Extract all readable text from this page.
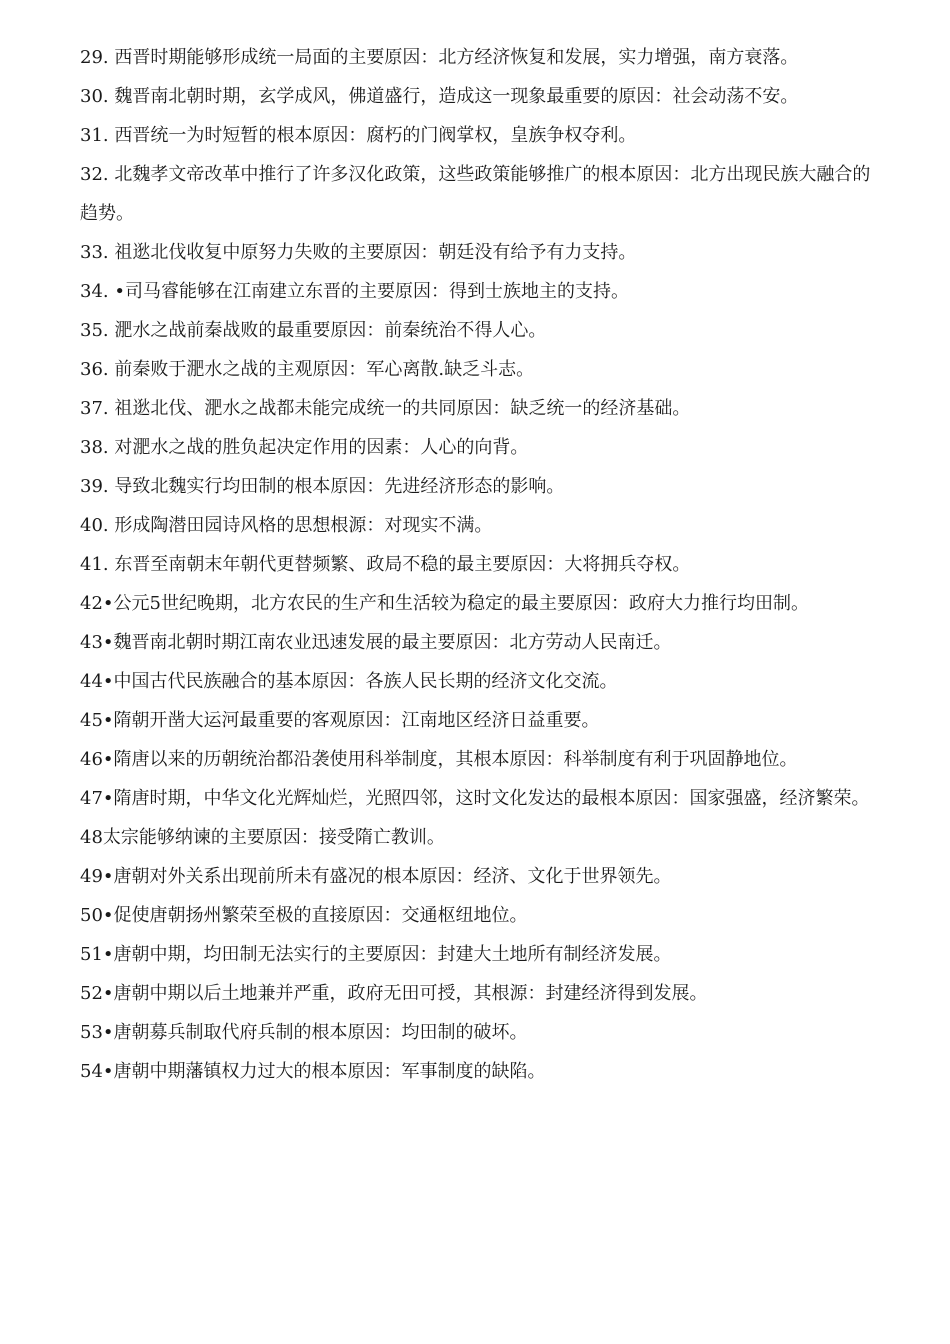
29. 西晋时期能够形成统一局面的主要原因：北方经济恢复和发展，实力增强，南方衰落。

30. 魏晋南北朝时期，玄学成风，佛道盛行，造成这一现象最重要的原因：社会动荡不安。

31. 西晋统一为时短暂的根本原因：腐朽的门阀掌权，皇族争权夺利。

32. 北魏孝文帝改革中推行了许多汉化政策，这些政策能够推广的根本原因：北方出现民族大融合的趋势。

33. 祖逖北伐收复中原努力失败的主要原因：朝廷没有给予有力支持。

34. •司马睿能够在江南建立东晋的主要原因：得到士族地主的支持。

35. 淝水之战前秦战败的最重要原因：前秦统治不得人心。

36. 前秦败于淝水之战的主观原因：军心离散.缺乏斗志。

37. 祖逖北伐、淝水之战都未能完成统一的共同原因：缺乏统一的经济基础。

38. 对淝水之战的胜负起决定作用的因素：人心的向背。

39. 导致北魏实行均田制的根本原因：先进经济形态的影响。

40. 形成陶潜田园诗风格的思想根源：对现实不满。

41. 东晋至南朝末年朝代更替频繁、政局不稳的最主要原因：大将拥兵夺权。

42•公元5世纪晚期，北方农民的生产和生活较为稳定的最主要原因：政府大力推行均田制。

43•魏晋南北朝时期江南农业迅速发展的最主要原因：北方劳动人民南迁。

44•中国古代民族融合的基本原因：各族人民长期的经济文化交流。

45•隋朝开凿大运河最重要的客观原因：江南地区经济日益重要。

46•隋唐以来的历朝统治都沿袭使用科举制度，其根本原因：科举制度有利于巩固静地位。

47•隋唐时期，中华文化光辉灿烂，光照四邻，这时文化发达的最根本原因：国家强盛，经济繁荣。

48太宗能够纳谏的主要原因：接受隋亡教训。

49•唐朝对外关系出现前所未有盛况的根本原因：经济、文化于世界领先。

50•促使唐朝扬州繁荣至极的直接原因：交通枢纽地位。

51•唐朝中期，均田制无法实行的主要原因：封建大土地所有制经济发展。

52•唐朝中期以后土地兼并严重，政府无田可授，其根源：封建经济得到发展。

53•唐朝募兵制取代府兵制的根本原因：均田制的破坏。

54•唐朝中期藩镇权力过大的根本原因：军事制度的缺陷。
